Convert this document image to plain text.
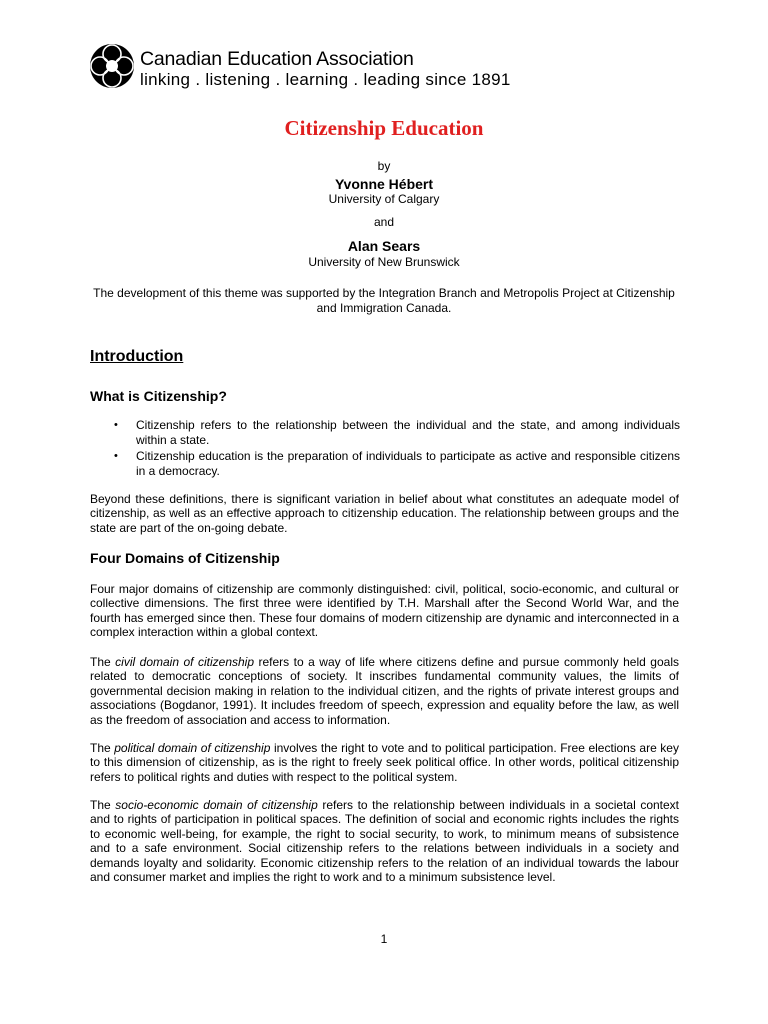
Canadian Education Association
linking . listening . learning . leading since 1891
Citizenship Education
by
Yvonne Hébert
University of Calgary
and
Alan Sears
University of New Brunswick
The development of this theme was supported by the Integration Branch and Metropolis Project at Citizenship and Immigration Canada.
Introduction
What is Citizenship?
• Citizenship refers to the relationship between the individual and the state, and among individuals within a state.
• Citizenship education is the preparation of individuals to participate as active and responsible citizens in a democracy.

Beyond these definitions, there is significant variation in belief about what constitutes an adequate model of citizenship, as well as an effective approach to citizenship education. The relationship between groups and the state are part of the on-going debate.

Four Domains of Citizenship

Four major domains of citizenship are commonly distinguished: civil, political, socio-economic, and cultural or collective dimensions. The first three were identified by T.H. Marshall after the Second World War, and the fourth has emerged since then. These four domains of modern citizenship are dynamic and interconnected in a complex interaction within a global context.

The civil domain of citizenship refers to a way of life where citizens define and pursue commonly held goals related to democratic conceptions of society. It inscribes fundamental community values, the limits of governmental decision making in relation to the individual citizen, and the rights of private interest groups and associations (Bogdanor, 1991). It includes freedom of speech, expression and equality before the law, as well as the freedom of association and access to information.

The political domain of citizenship involves the right to vote and to political participation. Free elections are key to this dimension of citizenship, as is the right to freely seek political office. In other words, political citizenship refers to political rights and duties with respect to the political system.

The socio-economic domain of citizenship refers to the relationship between individuals in a societal context and to rights of participation in political spaces. The definition of social and economic rights includes the rights to economic well-being, for example, the right to social security, to work, to minimum means of subsistence and to a safe environment. Social citizenship refers to the relations between individuals in a society and demands loyalty and solidarity. Economic citizenship refers to the relation of an individual towards the labour and consumer market and implies the right to work and to a minimum subsistence level.

1
